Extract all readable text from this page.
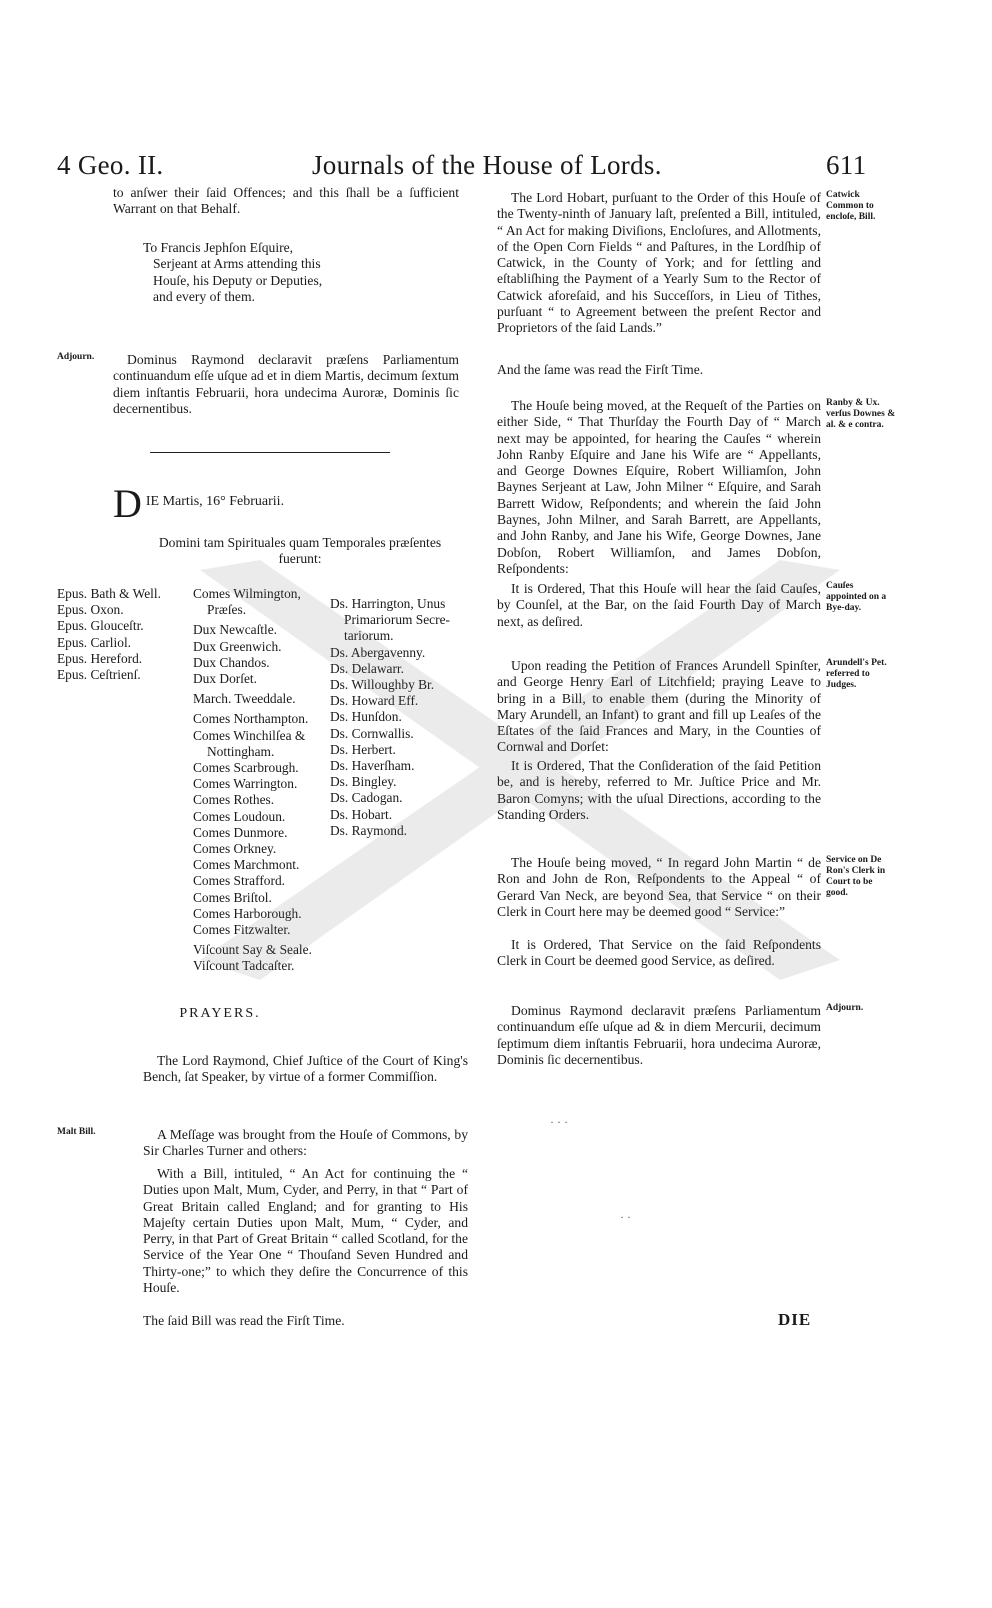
4 Geo. II.	Journals of the House of Lords.	611
to anſwer their ſaid Offences; and this ſhall be a ſufficient Warrant on that Behalf.
To Francis Jephſon Eſquire, Serjeant at Arms attending this Houſe, his Deputy or Deputies, and every of them.
Adjourn.	Dominus Raymond declaravit præſens Parliamentum continuandum eſſe uſque ad et in diem Martis, decimum ſextum diem inſtantis Februarii, hora undecima Auroræ, Dominis ſic decernentibus.
D IE Martis, 16° Februarii.
Domini tam Spirituales quam Temporales præſentes fuerunt:
Epus. Bath & Well.
Epus. Oxon.
Epus. Glouceſtr.
Epus. Carliol.
Epus. Hereford.
Epus. Ceſtrienſ.
Comes Wilmington,
Præſes.
Dux Newcaſtle.
Dux Greenwich.
Dux Chandos.
Dux Dorſet.
March. Tweeddale.
Comes Northampton.
Comes Winchilſea &
Nottingham.
Comes Scarbrough.
Comes Warrington.
Comes Rothes.
Comes Loudoun.
Comes Dunmore.
Comes Orkney.
Comes Marchmont.
Comes Strafford.
Comes Briſtol.
Comes Harborough.
Comes Fitzwalter.
Viſcount Say & Seale.
Viſcount Tadcaſter.
Ds. Harrington, Unus
Primariorum Secre-
tariorum.
Ds. Abergavenny.
Ds. Delawarr.
Ds. Willoughby Br.
Ds. Howard Eff.
Ds. Hunſdon.
Ds. Cornwallis.
Ds. Herbert.
Ds. Haverſham.
Ds. Bingley.
Ds. Cadogan.
Ds. Hobart.
Ds. Raymond.
PRAYERS.
The Lord Raymond, Chief Juſtice of the Court of King's Bench, ſat Speaker, by virtue of a former Commiſſion.
Malt Bill.	A Meſſage was brought from the Houſe of Commons, by Sir Charles Turner and others:
With a Bill, intituled, “ An Act for continuing the “ Duties upon Malt, Mum, Cyder, and Perry, in that “ Part of Great Britain called England; and for granting to His Majeſty certain Duties upon Malt, Mum, “ Cyder, and Perry, in that Part of Great Britain “ called Scotland, for the Service of the Year One “ Thouſand Seven Hundred and Thirty-one;” to which they deſire the Concurrence of this Houſe.
The ſaid Bill was read the Firſt Time.
Catwick Common to encloſe, Bill.
The Lord Hobart, purſuant to the Order of this Houſe of the Twenty-ninth of January laſt, preſented a Bill, intituled, “ An Act for making Diviſions, Encloſures, and Allotments, of the Open Corn Fields “ and Paſtures, in the Lordſhip of Catwick, in the County of York; and for ſettling and eſtabliſhing the Payment of a Yearly Sum to the Rector of Catwick aforeſaid, and his Succeſſors, in Lieu of Tithes, purſuant “ to Agreement between the preſent Rector and Proprietors of the ſaid Lands.”
And the ſame was read the Firſt Time.
Ranby & Ux. verſus Downes & al. & e contra.
The Houſe being moved, at the Requeſt of the Parties on either Side, “ That Thurſday the Fourth Day of “ March next may be appointed, for hearing the Cauſes “ wherein John Ranby Eſquire and Jane his Wife are “ Appellants, and George Downes Eſquire, Robert Williamſon, John Baynes Serjeant at Law, John Milner “ Eſquire, and Sarah Barrett Widow, Reſpondents; and wherein the ſaid John Baynes, John Milner, and Sarah Barrett, are Appellants, and John Ranby, and Jane his Wife, George Downes, Jane Dobſon, Robert Williamſon, and James Dobſon, Reſpondents:
Cauſes appointed on a Bye-day.
It is Ordered, That this Houſe will hear the ſaid Cauſes, by Counſel, at the Bar, on the ſaid Fourth Day of March next, as deſired.
Arundell's Pet. referred to Judges.
Upon reading the Petition of Frances Arundell Spinſter, and George Henry Earl of Litchfield; praying Leave to bring in a Bill, to enable them (during the Minority of Mary Arundell, an Infant) to grant and fill up Leaſes of the Eſtates of the ſaid Frances and Mary, in the Counties of Cornwal and Dorſet:
It is Ordered, That the Conſideration of the ſaid Petition be, and is hereby, referred to Mr. Juſtice Price and Mr. Baron Comyns; with the uſual Directions, according to the Standing Orders.
Service on De Ron's Clerk in Court to be good.
The Houſe being moved, “ In regard John Martin “ de Ron and John de Ron, Reſpondents to the Appeal “ of Gerard Van Neck, are beyond Sea, that Service “ on their Clerk in Court here may be deemed good “ Service:”
It is Ordered, That Service on the ſaid Reſpondents Clerk in Court be deemed good Service, as deſired.
Adjourn.
Dominus Raymond declaravit præſens Parliamentum continuandum eſſe uſque ad & in diem Mercurii, decimum ſeptimum diem inſtantis Februarii, hora undecima Auroræ, Dominis ſic decernentibus.
DIE
· · ·
· ·
